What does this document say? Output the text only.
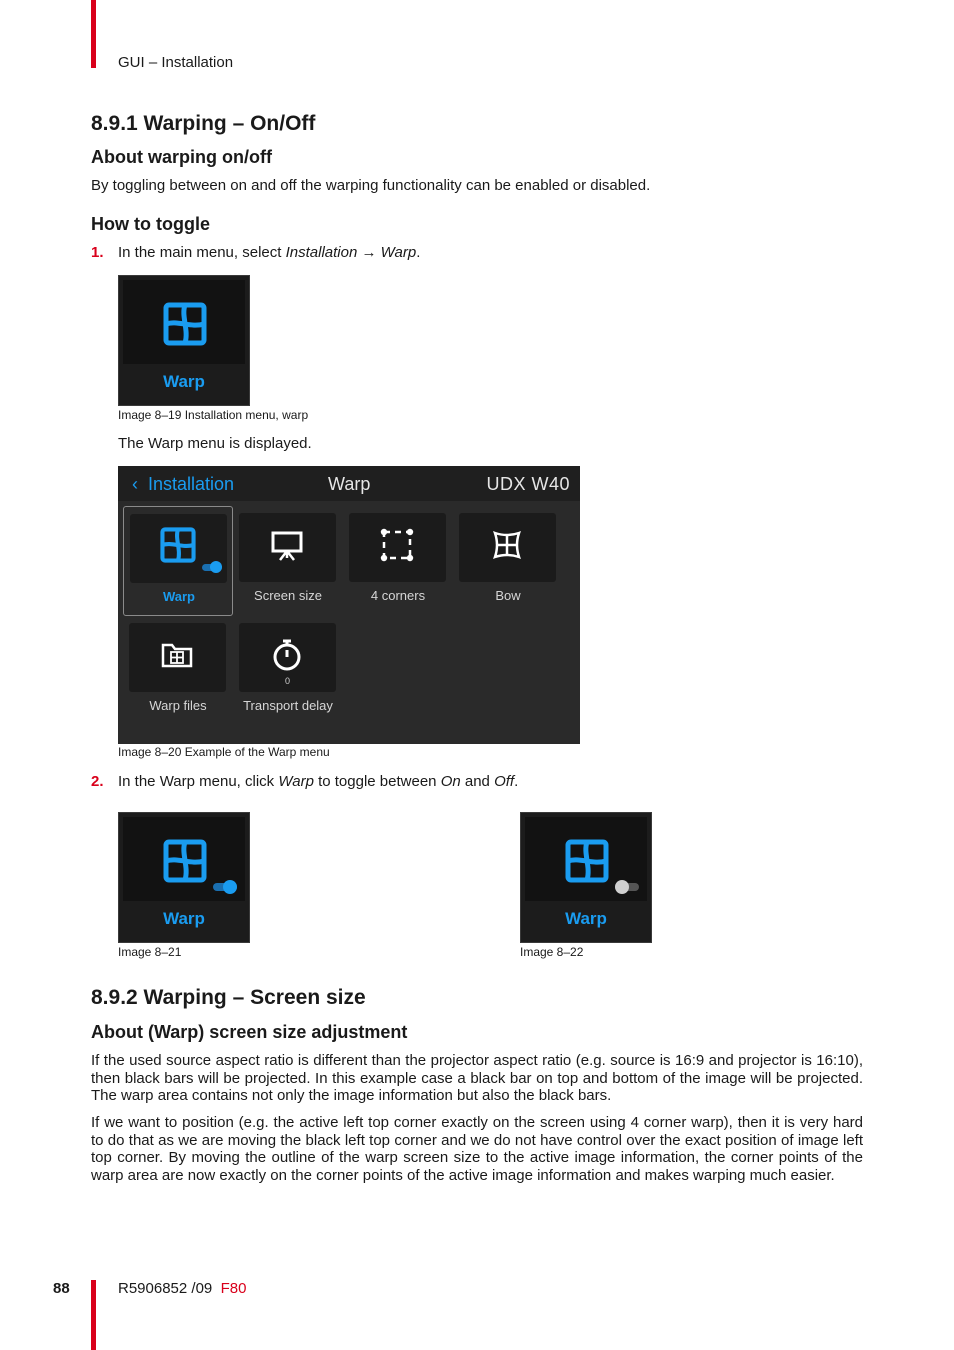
GUI – Installation
8.9.1 Warping – On/Off
About warping on/off
By toggling between on and off the warping functionality can be enabled or disabled.
How to toggle
1. In the main menu, select Installation → Warp.
Warp
Image 8–19 Installation menu, warp
The Warp menu is displayed.
‹ Installation	Warp	UDX W40
Warp	Screen size	4 corners	Bow
Warp files
0
Transport delay
Image 8–20 Example of the Warp menu
2. In the Warp menu, click Warp to toggle between On and Off.
Warp
Image 8–21
Warp
Image 8–22
8.9.2 Warping – Screen size
About (Warp) screen size adjustment
If the used source aspect ratio is different than the projector aspect ratio (e.g. source is 16:9 and projector is 16:10), then black bars will be projected. In this example case a black bar on top and bottom of the image will be projected. The warp area contains not only the image information but also the black bars.
If we want to position (e.g. the active left top corner exactly on the screen using 4 corner warp), then it is very hard to do that as we are moving the black left top corner and we do not have control over the exact position of image left top corner. By moving the outline of the warp screen size to the active image information, the corner points of the warp area are now exactly on the corner points of the active image information and makes warping much easier.
88	R5906852 /09 F80
